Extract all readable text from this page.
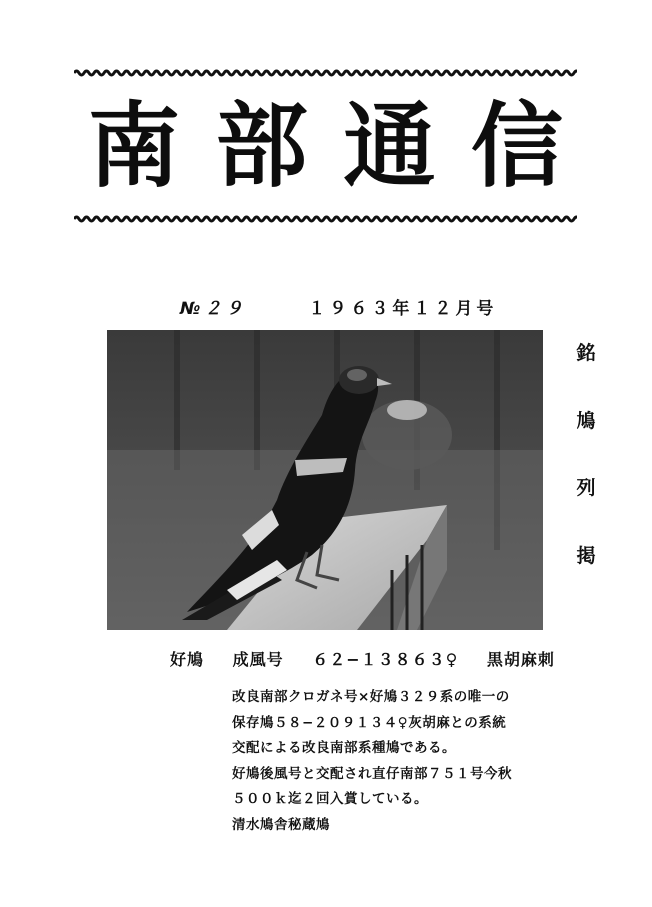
南 部 通 信
№２９	１９６３年１２月号
銘
鳩
列
掲
好鳩 成風号 ６２−１３８６３♀ 黒胡麻刺
改良南部クロガネ号×好鳩３２９系の唯一の
保存鳩５８−２０９１３４♀灰胡麻との系統
交配による改良南部系種鳩である。
好鳩後風号と交配され直仔南部７５１号今秋
５００ｋ迄２回入賞している。
清水鳩舎秘蔵鳩
